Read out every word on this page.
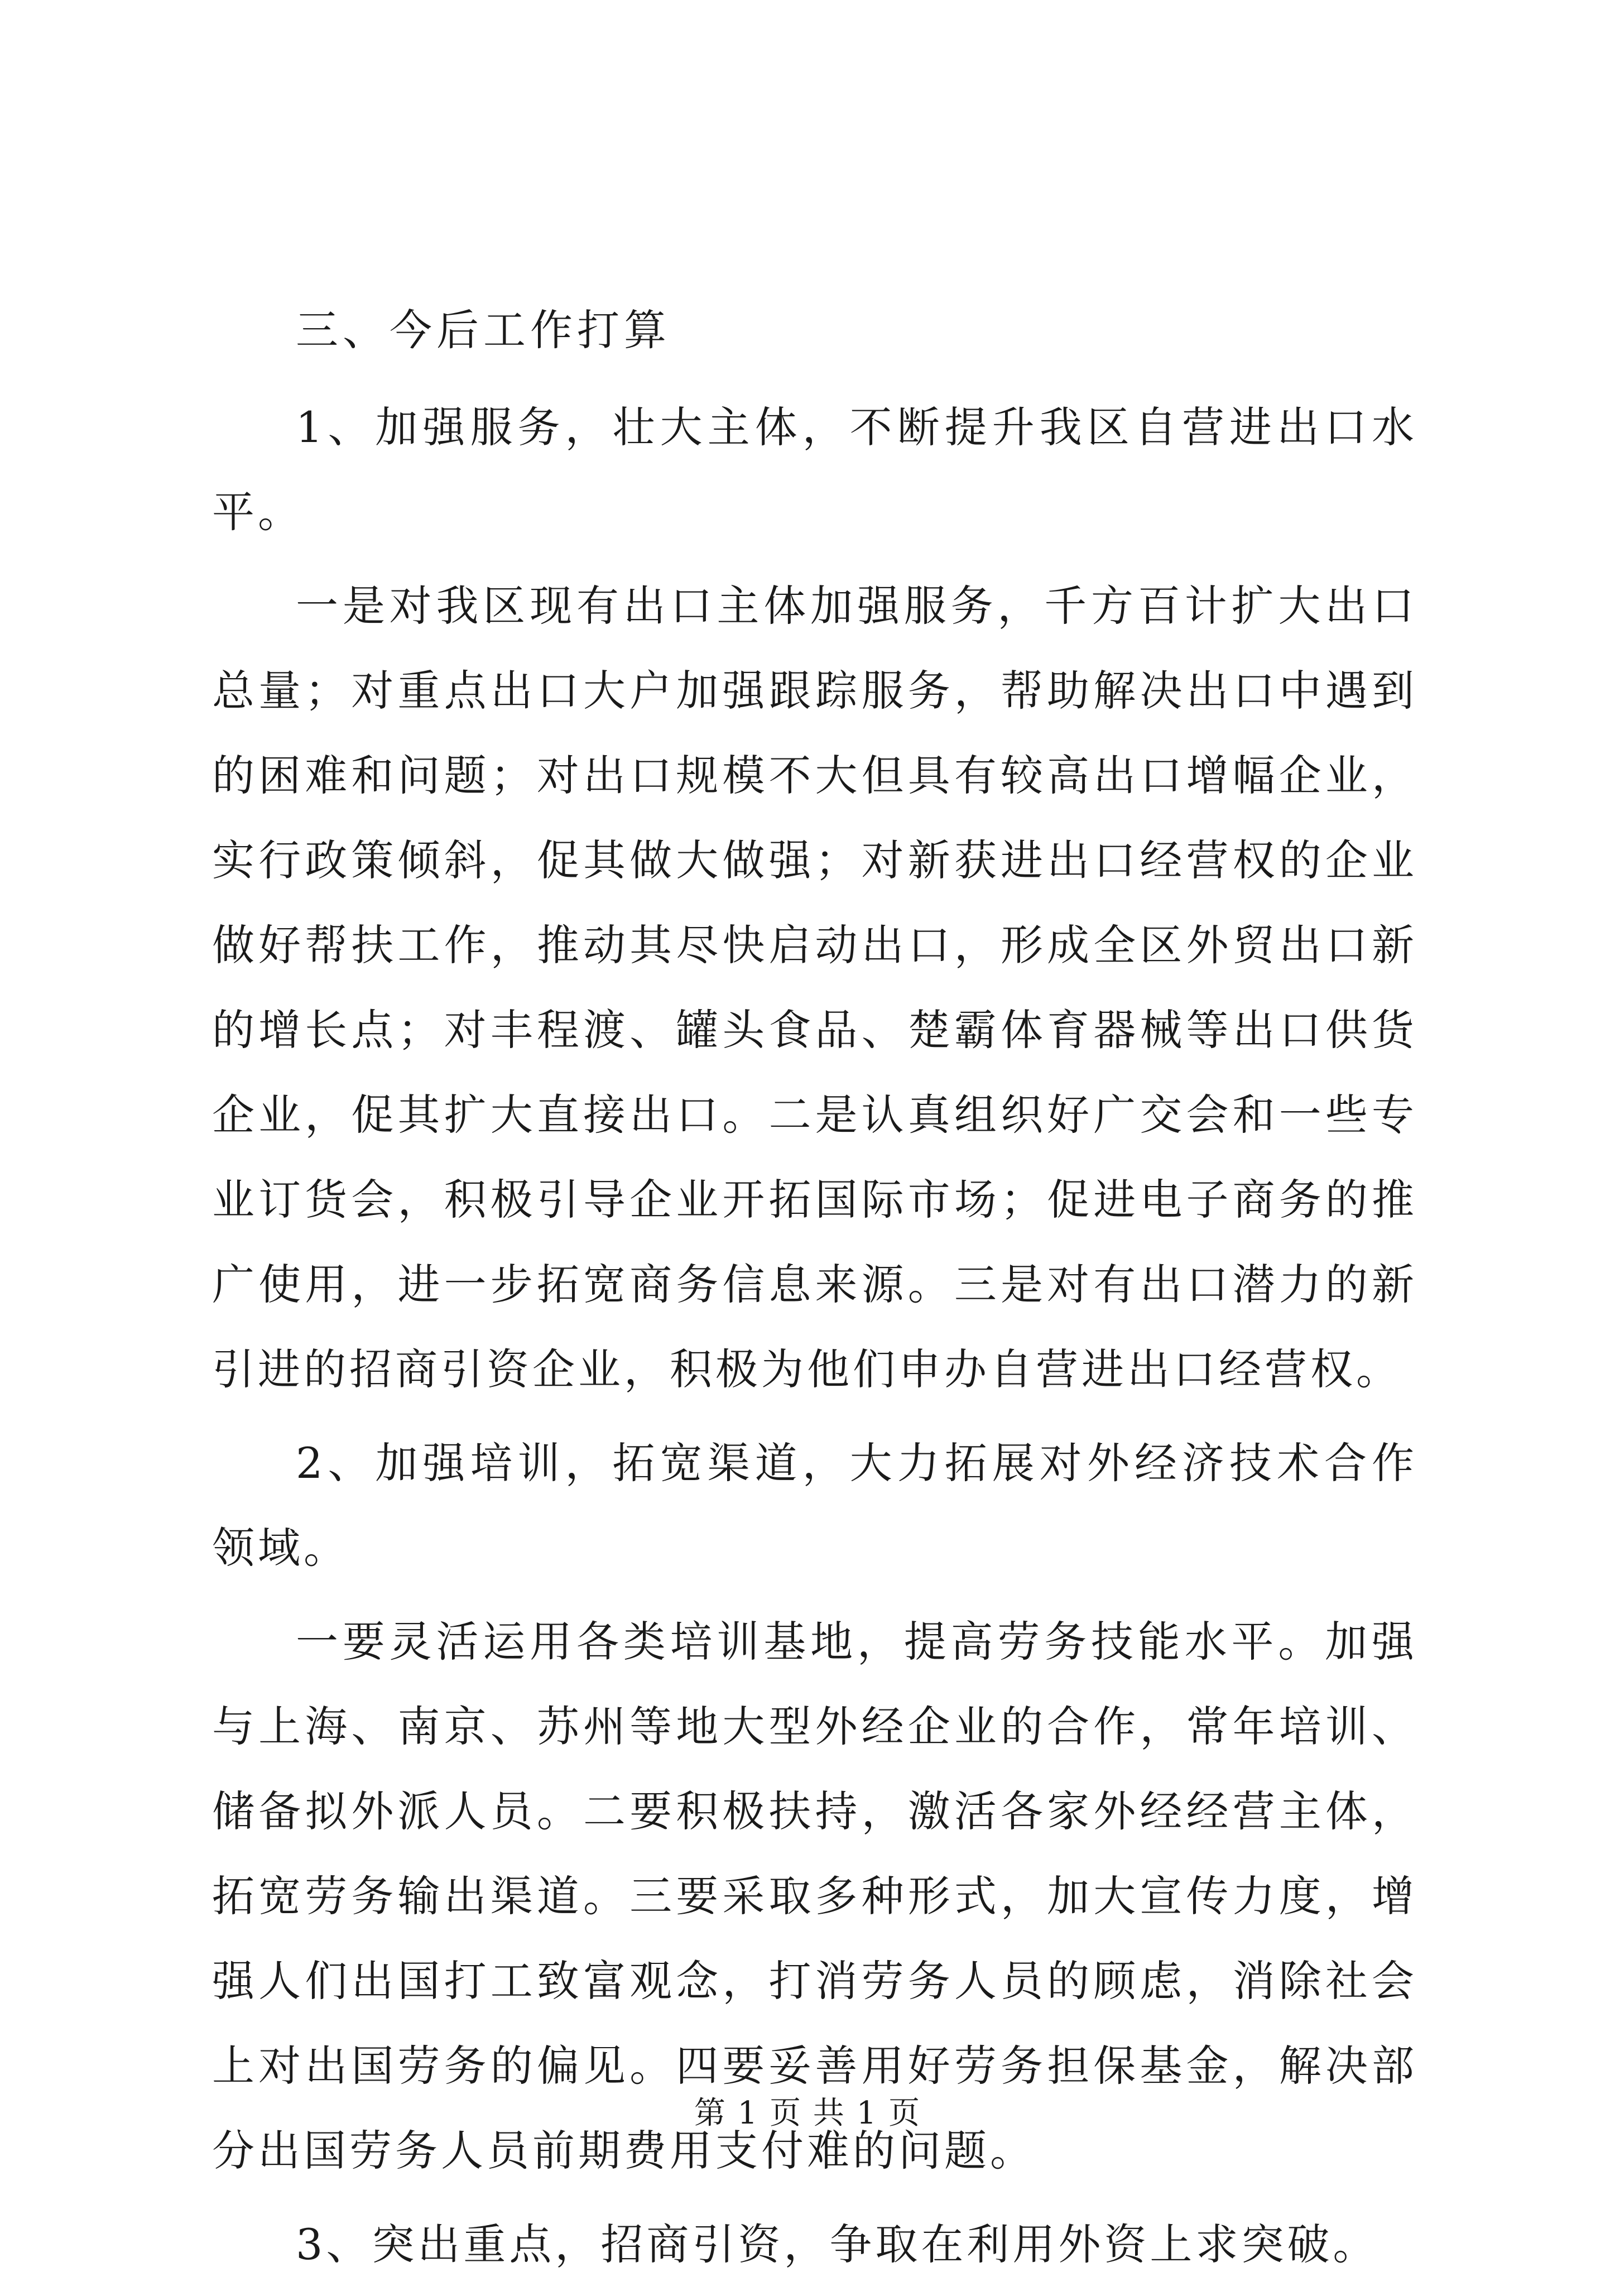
三、今后工作打算

1、加强服务，壮大主体，不断提升我区自营进出口水平。

一是对我区现有出口主体加强服务，千方百计扩大出口总量；对重点出口大户加强跟踪服务，帮助解决出口中遇到的困难和问题；对出口规模不大但具有较高出口增幅企业，实行政策倾斜，促其做大做强；对新获进出口经营权的企业做好帮扶工作，推动其尽快启动出口，形成全区外贸出口新的增长点；对丰程渡、罐头食品、楚霸体育器械等出口供货企业，促其扩大直接出口。二是认真组织好广交会和一些专业订货会，积极引导企业开拓国际市场；促进电子商务的推广使用，进一步拓宽商务信息来源。三是对有出口潜力的新引进的招商引资企业，积极为他们申办自营进出口经营权。

2、加强培训，拓宽渠道，大力拓展对外经济技术合作领域。

一要灵活运用各类培训基地，提高劳务技能水平。加强与上海、南京、苏州等地大型外经企业的合作，常年培训、储备拟外派人员。二要积极扶持，激活各家外经经营主体，拓宽劳务输出渠道。三要采取多种形式，加大宣传力度，增强人们出国打工致富观念，打消劳务人员的顾虑，消除社会上对出国劳务的偏见。四要妥善用好劳务担保基金，解决部分出国劳务人员前期费用支付难的问题。

3、突出重点，招商引资，争取在利用外资上求突破。

第 1 页 共 1 页
